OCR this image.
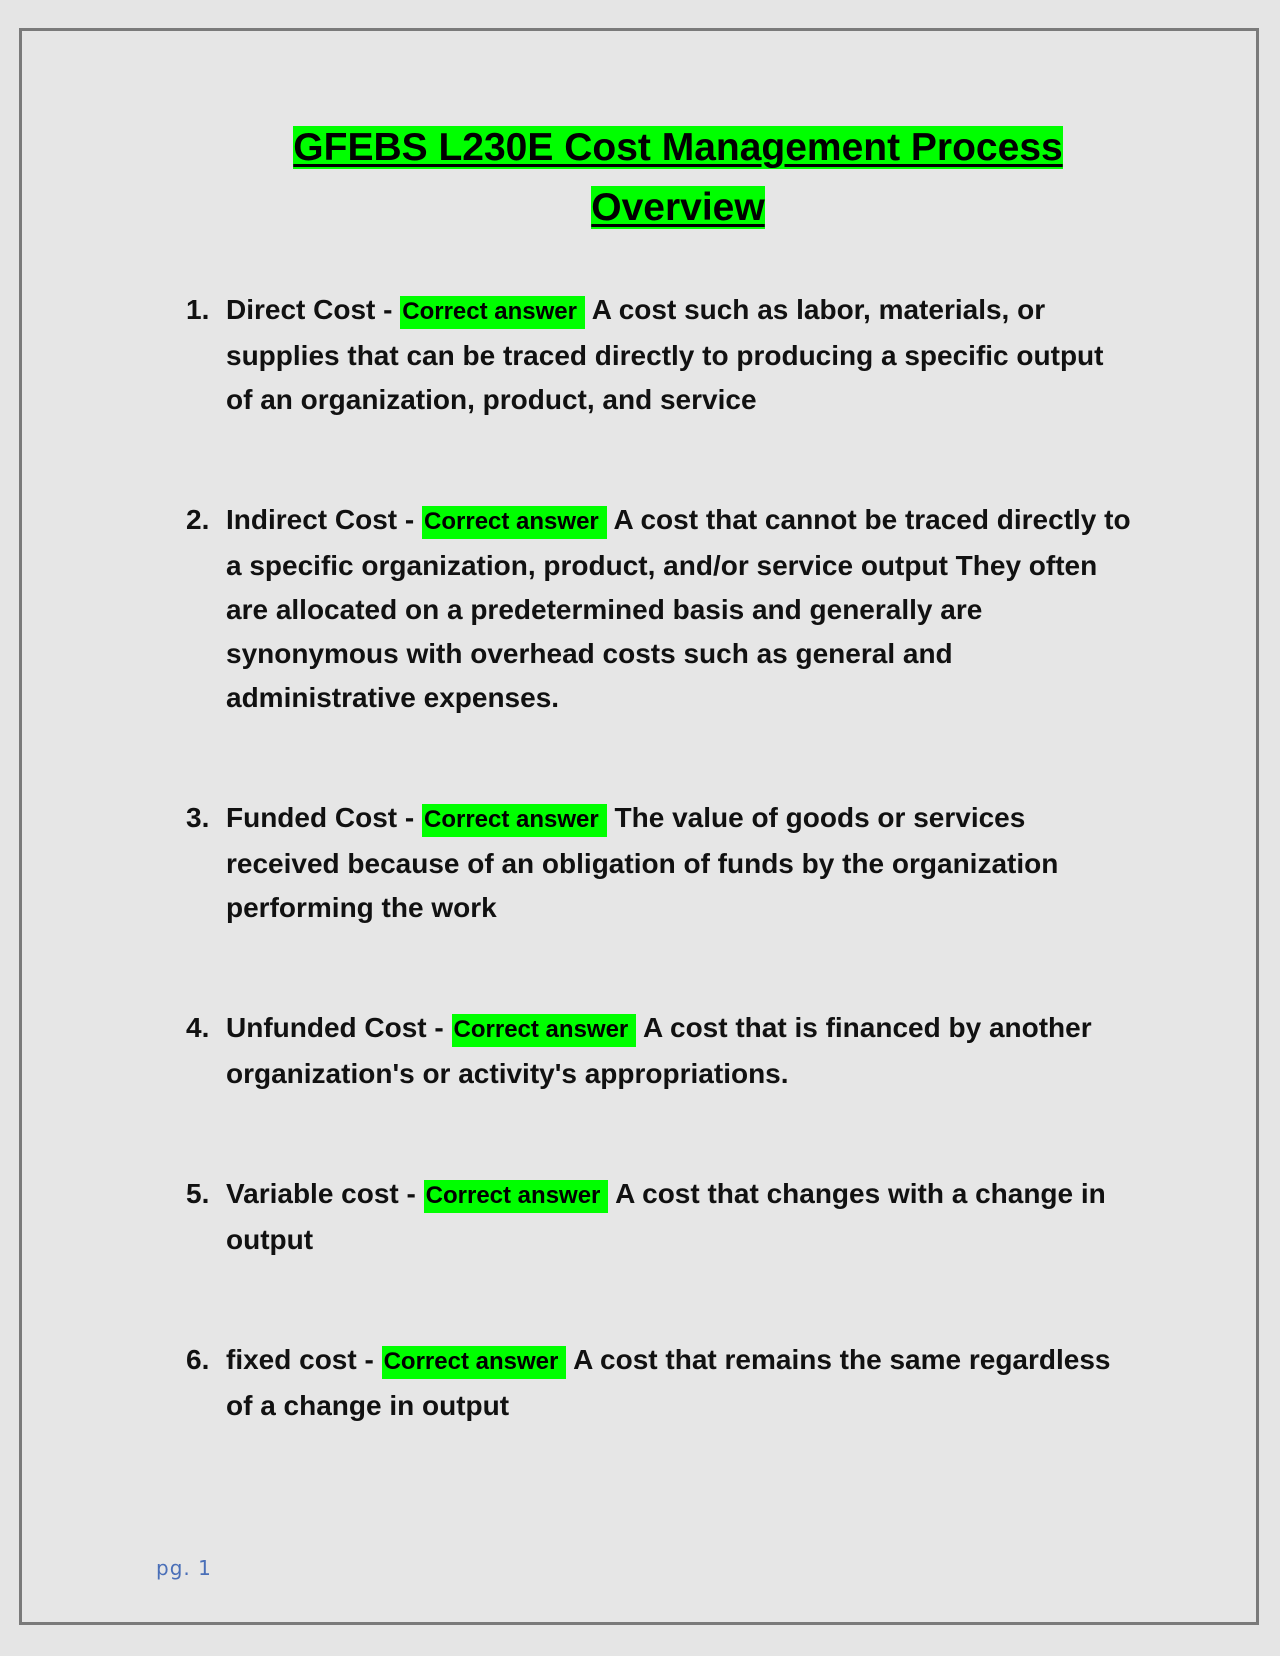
GFEBS L230E Cost Management Process Overview
1. Direct Cost - Correct answer A cost such as labor, materials, or supplies that can be traced directly to producing a specific output of an organization, product, and service
2. Indirect Cost - Correct answer A cost that cannot be traced directly to a specific organization, product, and/or service output They often are allocated on a predetermined basis and generally are synonymous with overhead costs such as general and administrative expenses.
3. Funded Cost - Correct answer The value of goods or services received because of an obligation of funds by the organization performing the work
4. Unfunded Cost - Correct answer A cost that is financed by another organization's or activity's appropriations.
5. Variable cost - Correct answer A cost that changes with a change in output
6. fixed cost - Correct answer A cost that remains the same regardless of a change in output
pg. 1
